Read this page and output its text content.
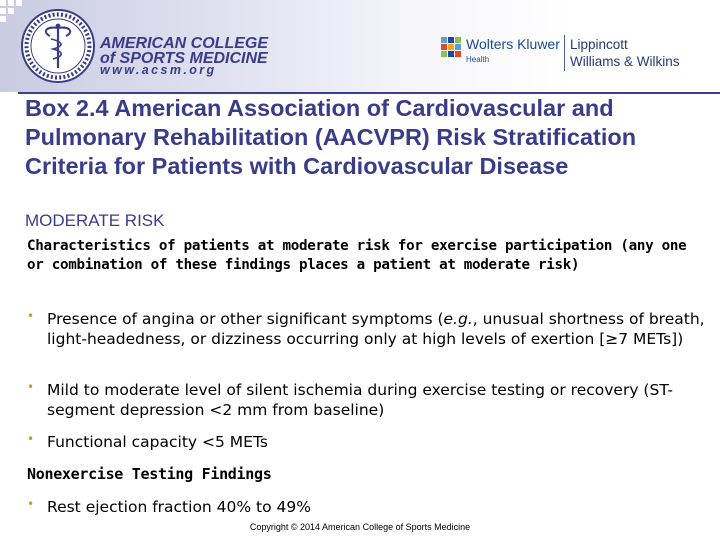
AMERICAN COLLEGE
of SPORTS MEDICINE
www.acsm.org
Wolters Kluwer
Health
Lippincott
Williams & Wilkins
Box 2.4 American Association of Cardiovascular and Pulmonary Rehabilitation (AACVPR) Risk Stratification Criteria for Patients with Cardiovascular Disease
MODERATE RISK
Characteristics of patients at moderate risk for exercise participation (any one or combination of these findings places a patient at moderate risk)
• Presence of angina or other significant symptoms (e.g., unusual shortness of breath, light-headedness, or dizziness occurring only at high levels of exertion [≥7 METs])
• Mild to moderate level of silent ischemia during exercise testing or recovery (ST-segment depression <2 mm from baseline)
• Functional capacity <5 METs
Nonexercise Testing Findings
• Rest ejection fraction 40% to 49%
Copyright © 2014 American College of Sports Medicine
